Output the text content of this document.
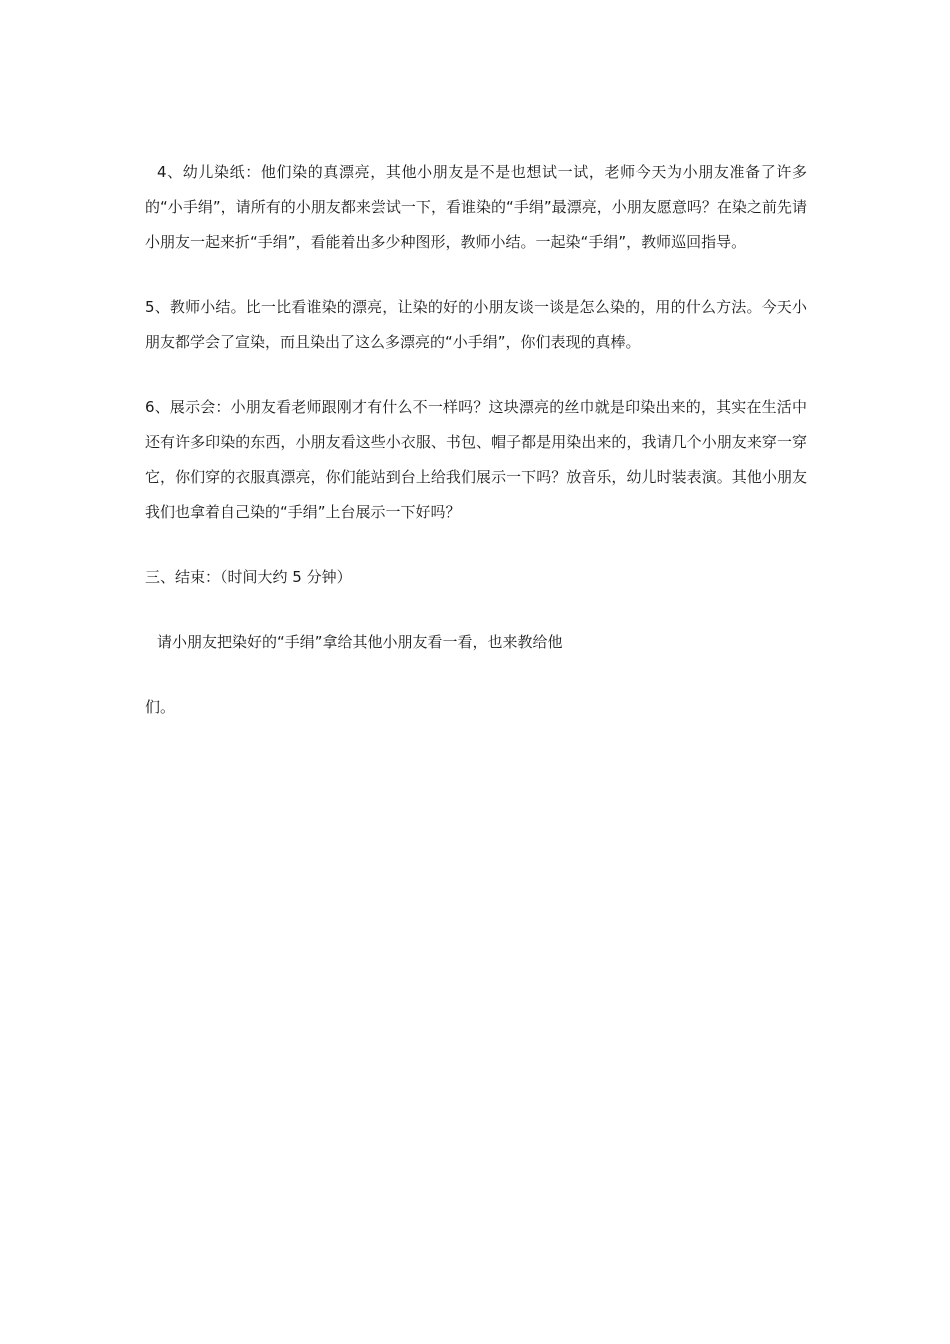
4、幼儿染纸：他们染的真漂亮，其他小朋友是不是也想试一试，老师今天为小朋友准备了许多的“小手绢”，请所有的小朋友都来尝试一下，看谁染的“手绢”最漂亮，小朋友愿意吗？在染之前先请小朋友一起来折“手绢”，看能着出多少种图形，教师小结。一起染“手绢”，教师巡回指导。

5、教师小结。比一比看谁染的漂亮，让染的好的小朋友谈一谈是怎么染的，用的什么方法。今天小朋友都学会了宣染，而且染出了这么多漂亮的“小手绢”，你们表现的真棒。

6、展示会：小朋友看老师跟刚才有什么不一样吗？这块漂亮的丝巾就是印染出来的，其实在生活中还有许多印染的东西，小朋友看这些小衣服、书包、帽子都是用染出来的，我请几个小朋友来穿一穿它，你们穿的衣服真漂亮，你们能站到台上给我们展示一下吗？放音乐，幼儿时装表演。其他小朋友我们也拿着自己染的“手绢”上台展示一下好吗？

三、结束：（时间大约 5 分钟）

请小朋友把染好的“手绢”拿给其他小朋友看一看，也来教给他

们。
